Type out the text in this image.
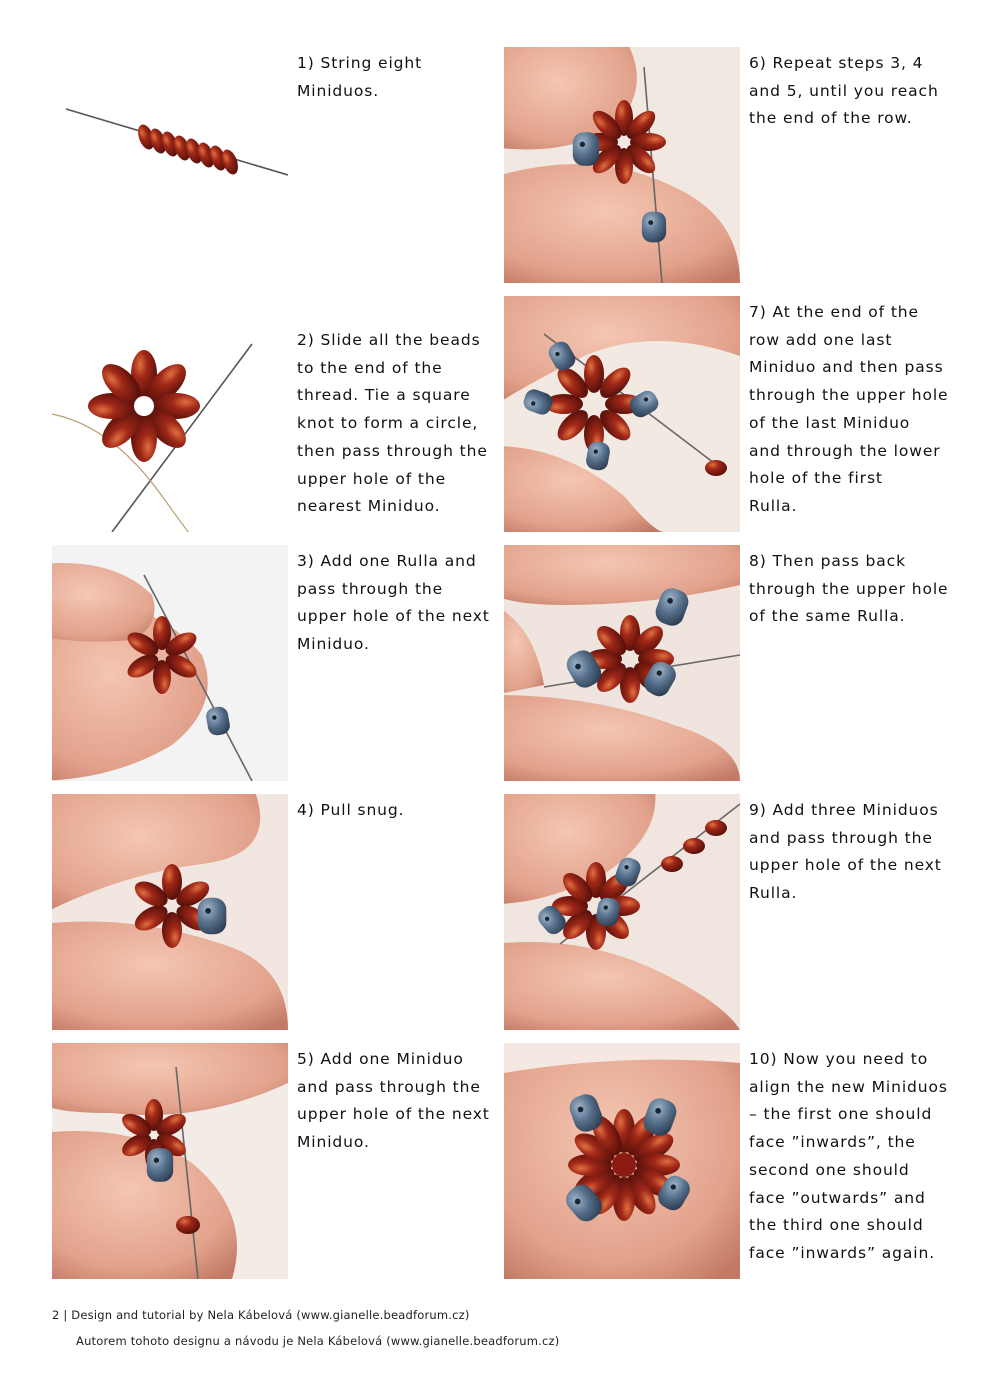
1) String eight
Miniduos.

2) Slide all the beads
to the end of the
thread. Tie a square
knot to form a circle,
then pass through the
upper hole of the
nearest Miniduo.

3) Add one Rulla and
pass through the
upper hole of the next
Miniduo.

4) Pull snug.

5) Add one Miniduo
and pass through the
upper hole of the next
Miniduo.

6) Repeat steps 3, 4
and 5, until you reach
the end of the row.

7) At the end of the
row add one last
Miniduo and then pass
through the upper hole
of the last Miniduo
and through the lower
hole of the first
Rulla.

8) Then pass back
through the upper hole
of the same Rulla.

9) Add three Miniduos
and pass through the
upper hole of the next
Rulla.

10) Now you need to
align the new Miniduos
– the first one should
face ”inwards”, the
second one should
face ”outwards” and
the third one should
face ”inwards” again.

2 | Design and tutorial by Nela Kábelová (www.gianelle.beadforum.cz)

Autorem tohoto designu a návodu je Nela Kábelová (www.gianelle.beadforum.cz)
